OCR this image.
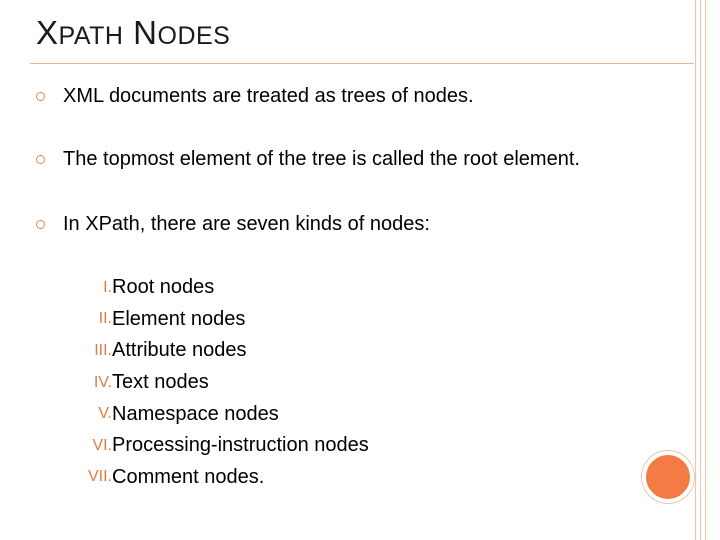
XPATH NODES
XML documents are treated as trees of nodes.
The topmost element of the tree is called the root element.
In XPath, there are seven kinds of nodes:
I. Root nodes
II. Element nodes
III. Attribute nodes
IV. Text nodes
V. Namespace nodes
VI. Processing-instruction nodes
VII. Comment nodes.
